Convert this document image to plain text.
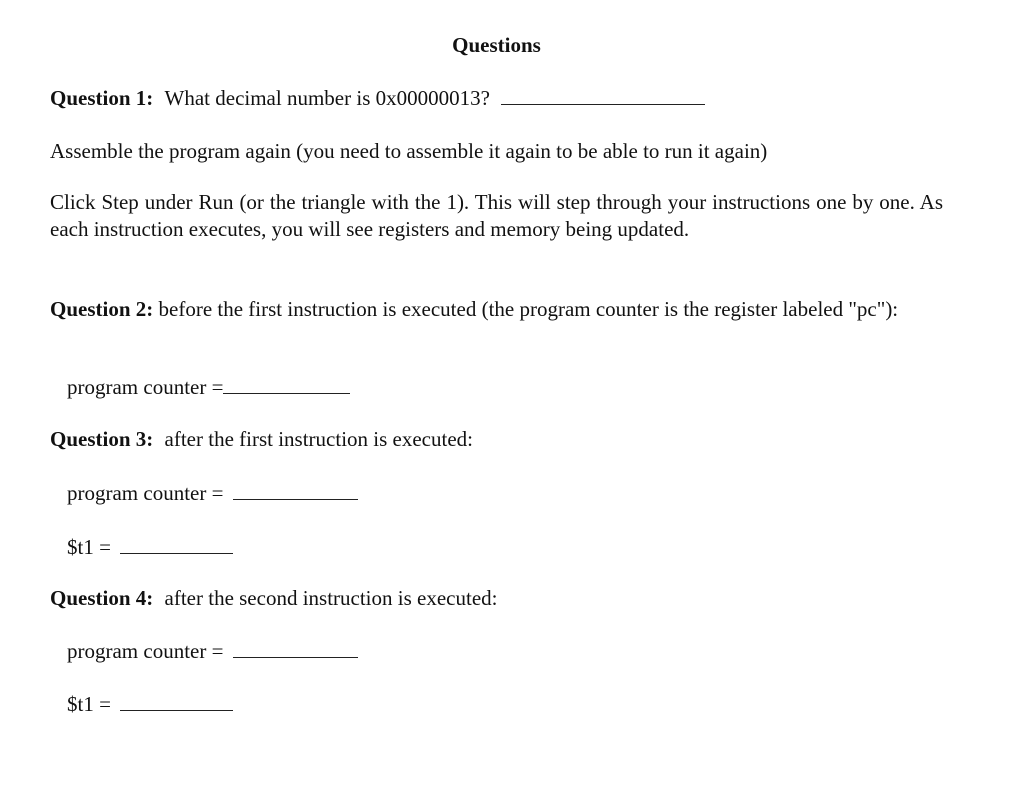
Questions
Question 1: What decimal number is 0x00000013?
Assemble the program again (you need to assemble it again to be able to run it again)
Click Step under Run (or the triangle with the 1). This will step through your instructions one by one. As each instruction executes, you will see registers and memory being updated.
Question 2: before the first instruction is executed (the program counter is the register labeled "pc"):
program counter =
Question 3: after the first instruction is executed:
program counter =
$t1 =
Question 4: after the second instruction is executed:
program counter =
$t1 =
